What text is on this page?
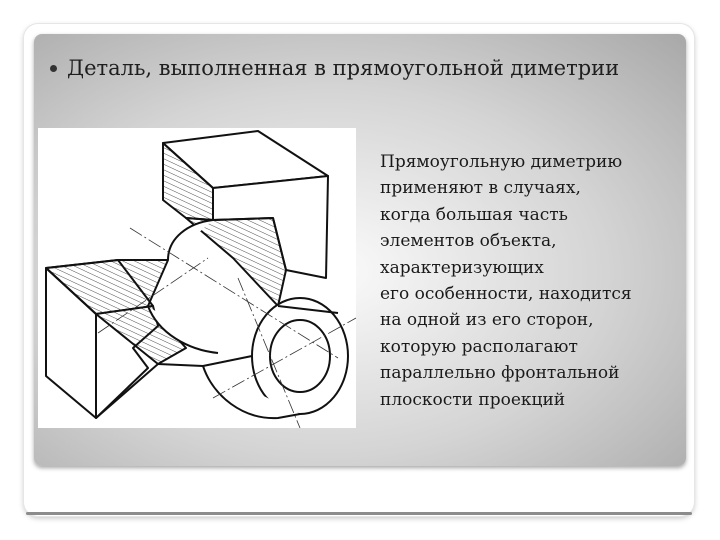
Деталь, выполненная в прямоугольной диметрии
Прямоугольную диметрию
применяют в случаях,
когда большая часть
элементов объекта,
характеризующих
его особенности, находится
на одной из его сторон,
которую располагают
параллельно фронтальной
плоскости проекций
